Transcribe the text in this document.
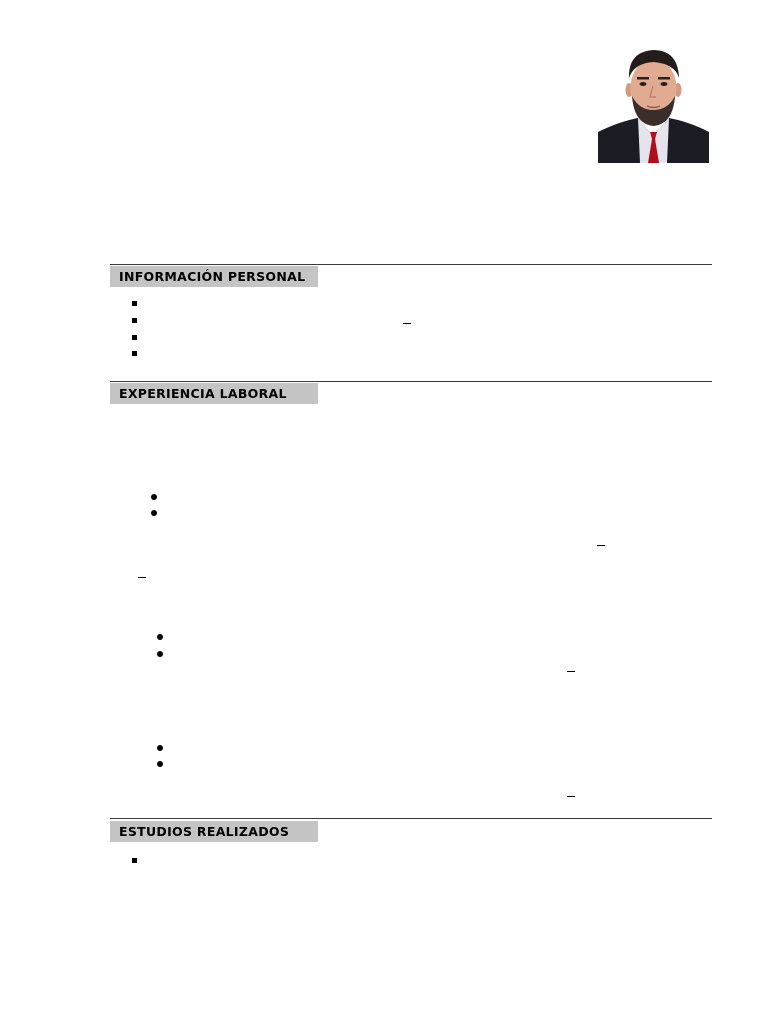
INFORMACIÓN PERSONAL
EXPERIENCIA LABORAL
ESTUDIOS REALIZADOS
